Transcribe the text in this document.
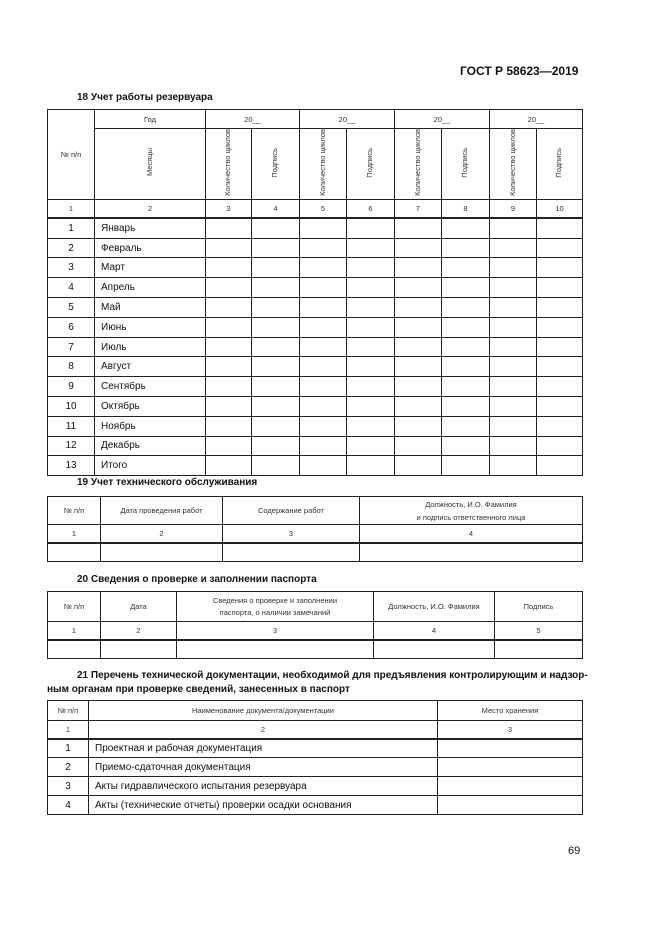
ГОСТ Р 58623—2019
18 Учет работы резервуара
№ п/п	Год	20__		20__		20__		20__	
	Месяцы	Количество циклов	Подпись	Количество циклов	Подпись	Количество циклов	Подпись	Количество циклов	Подпись
1	2	3	4	5	6	7	8	9	10
1	Январь								
2	Февраль								
3	Март								
4	Апрель								
5	Май								
6	Июнь								
7	Июль								
8	Август								
9	Сентябрь								
10	Октябрь								
11	Ноябрь								
12	Декабрь								
13	Итого								
19 Учет технического обслуживания
№ п/п	Дата проведения работ	Содержание работ	Должность, И.О. Фамилия
и подпись ответственного лица

1	2	3	4

20 Сведения о проверке и заполнении паспорта
№ п/п	Дата	Сведения о проверке и заполнении
паспорта, о наличии замечаний	Должность, И.О. Фамилия	Подпись
1	2	3	4	5

21 Перечень технической документации, необходимой для предъявления контролирующим и надзор-
ным органам при проверке сведений, занесенных в паспорт
№ п/п	Наименование документа/документации	Место хранения
1	2	3
1	Проектная и рабочая документация	
2	Приемо-сдаточная документация	
3	Акты гидравлического испытания резервуара	
4	Акты (технические отчеты) проверки осадки основания	
69
